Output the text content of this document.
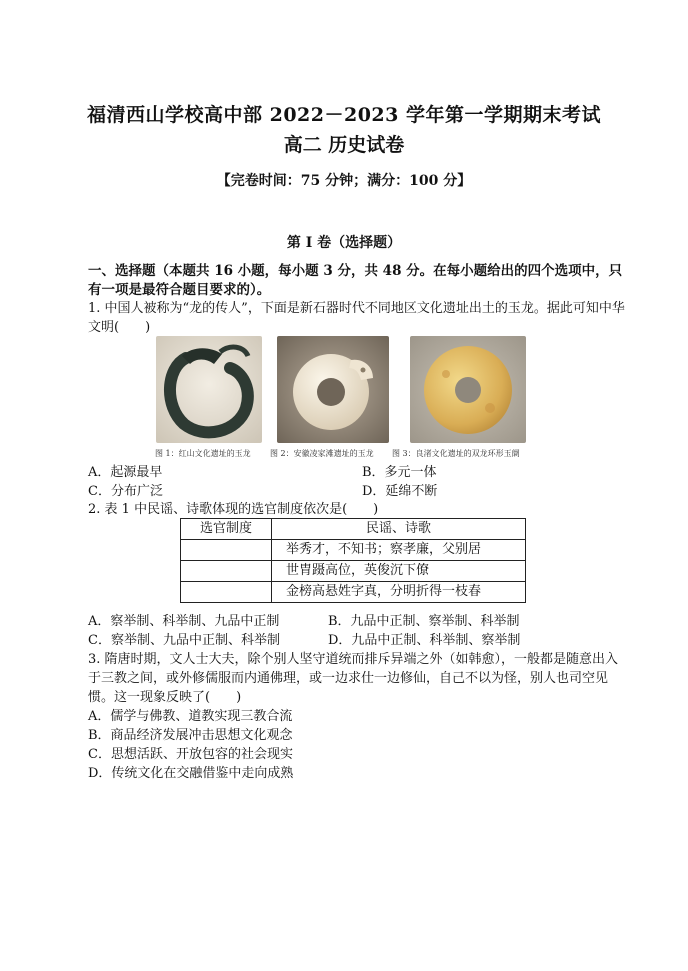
福清西山学校高中部 2022－2023 学年第一学期期末考试
高二 历史试卷
【完卷时间：75 分钟；满分：100 分】
第 I 卷（选择题）
一、选择题（本题共 16 小题，每小题 3 分，共 48 分。在每小题给出的四个选项中，只有一项是最符合题目要求的）。
1. 中国人被称为“龙的传人”，下面是新石器时代不同地区文化遗址出土的玉龙。据此可知中华文明(　　)
图 1：红山文化遗址的玉龙 图 2：安徽凌家滩遗址的玉龙 图 3：良渚文化遗址的双龙环形玉阛
A．起源最早	B．多元一体
C．分布广泛	D．延绵不断
2. 表 1 中民谣、诗歌体现的选官制度依次是(　　)
选官制度	民谣、诗歌
	举秀才，不知书；察孝廉，父别居
	世胄蹑高位，英俊沉下僚
	金榜高悬姓字真，分明折得一枝春
A．察举制、科举制、九品中正制	B．九品中正制、察举制、科举制
C．察举制、九品中正制、科举制	D．九品中正制、科举制、察举制
3. 隋唐时期，文人士大夫，除个别人坚守道统而排斥异端之外（如韩愈），一般都是随意出入于三教之间，或外修儒服而内通佛理，或一边求仕一边修仙，自己不以为怪，别人也司空见惯。这一现象反映了(　　)
A．儒学与佛教、道教实现三教合流
B．商品经济发展冲击思想文化观念
C．思想活跃、开放包容的社会现实
D．传统文化在交融借鉴中走向成熟
